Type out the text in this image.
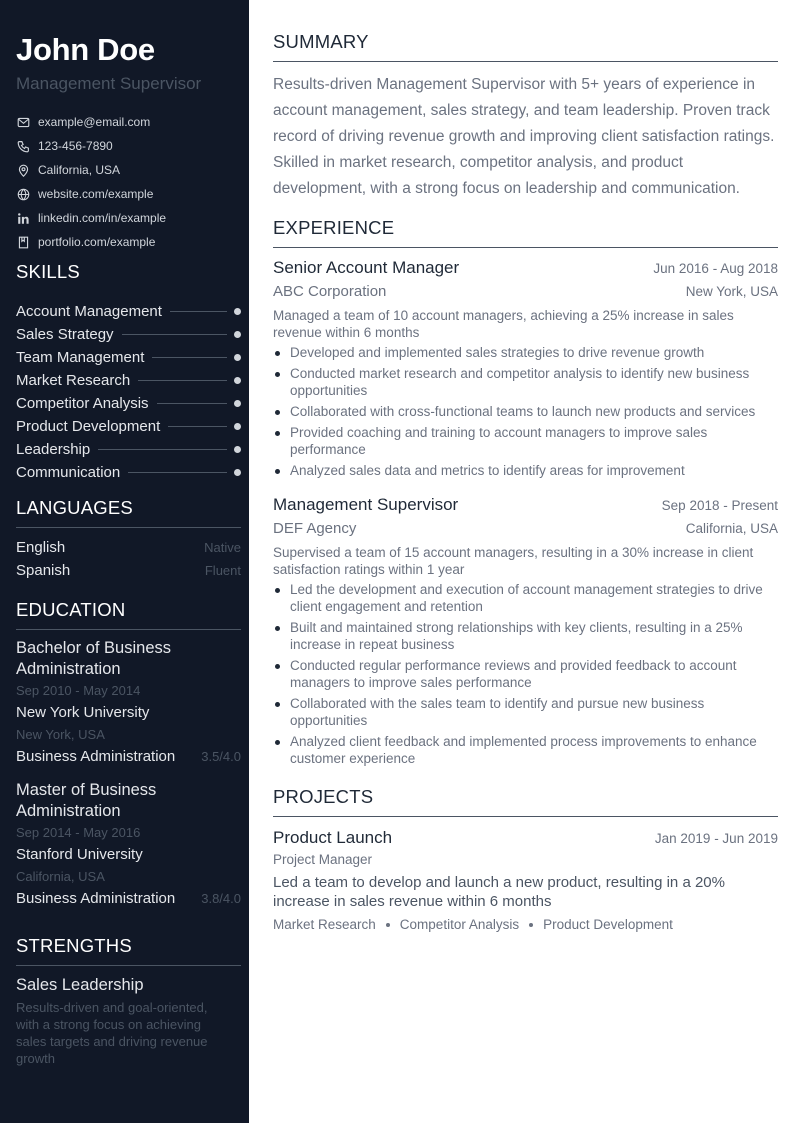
John Doe
Management Supervisor
example@email.com
123-456-7890
California, USA
website.com/example
linkedin.com/in/example
portfolio.com/example
SKILLS
Account Management
Sales Strategy
Team Management
Market Research
Competitor Analysis
Product Development
Leadership
Communication
LANGUAGES
English	Native
Spanish	Fluent
EDUCATION
Bachelor of Business Administration
Sep 2010 - May 2014
New York University
New York, USA
Business Administration 3.5/4.0
Master of Business Administration
Sep 2014 - May 2016
Stanford University
California, USA
Business Administration 3.8/4.0
STRENGTHS
Sales Leadership
Results-driven and goal-oriented, with a strong focus on achieving sales targets and driving revenue growth
SUMMARY
Results-driven Management Supervisor with 5+ years of experience in account management, sales strategy, and team leadership. Proven track record of driving revenue growth and improving client satisfaction ratings. Skilled in market research, competitor analysis, and product development, with a strong focus on leadership and communication.
EXPERIENCE
Senior Account Manager	Jun 2016 - Aug 2018
ABC Corporation	New York, USA
Managed a team of 10 account managers, achieving a 25% increase in sales revenue within 6 months
Developed and implemented sales strategies to drive revenue growth
Conducted market research and competitor analysis to identify new business opportunities
Collaborated with cross-functional teams to launch new products and services
Provided coaching and training to account managers to improve sales performance
Analyzed sales data and metrics to identify areas for improvement
Management Supervisor	Sep 2018 - Present
DEF Agency	California, USA
Supervised a team of 15 account managers, resulting in a 30% increase in client satisfaction ratings within 1 year
Led the development and execution of account management strategies to drive client engagement and retention
Built and maintained strong relationships with key clients, resulting in a 25% increase in repeat business
Conducted regular performance reviews and provided feedback to account managers to improve sales performance
Collaborated with the sales team to identify and pursue new business opportunities
Analyzed client feedback and implemented process improvements to enhance customer experience
PROJECTS
Product Launch	Jan 2019 - Jun 2019
Project Manager
Led a team to develop and launch a new product, resulting in a 20% increase in sales revenue within 6 months
Market Research Competitor Analysis Product Development
